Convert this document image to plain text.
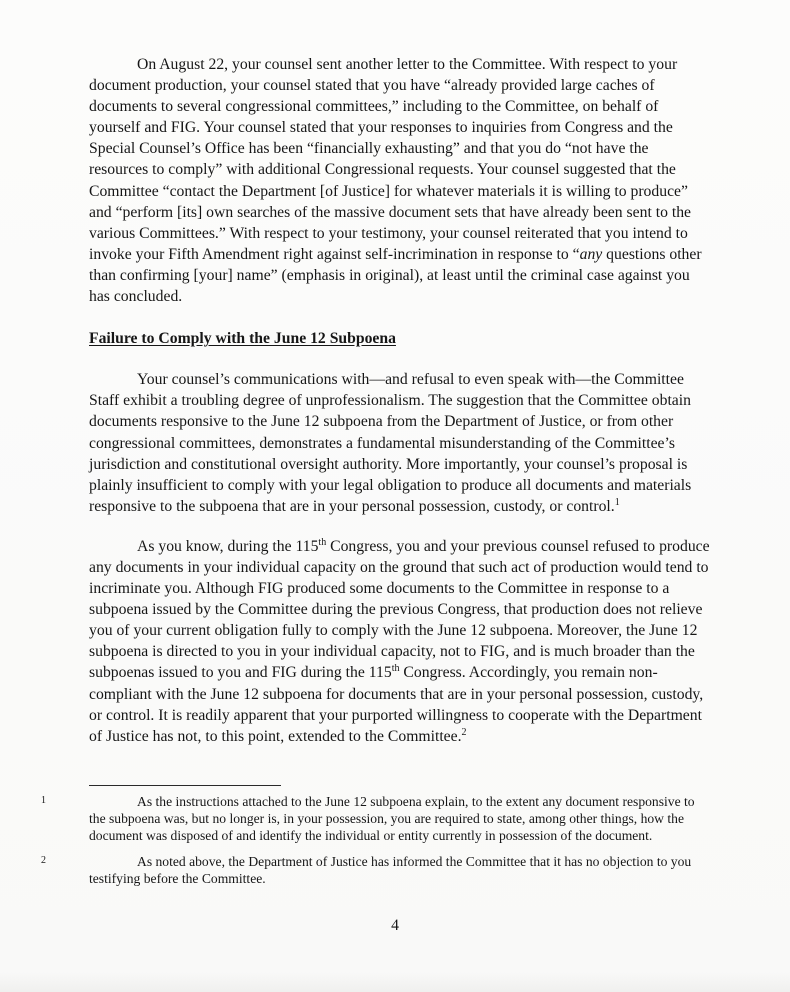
On August 22, your counsel sent another letter to the Committee. With respect to your document production, your counsel stated that you have “already provided large caches of documents to several congressional committees,” including to the Committee, on behalf of yourself and FIG. Your counsel stated that your responses to inquiries from Congress and the Special Counsel’s Office has been “financially exhausting” and that you do “not have the resources to comply” with additional Congressional requests. Your counsel suggested that the Committee “contact the Department [of Justice] for whatever materials it is willing to produce” and “perform [its] own searches of the massive document sets that have already been sent to the various Committees.” With respect to your testimony, your counsel reiterated that you intend to invoke your Fifth Amendment right against self-incrimination in response to “any questions other than confirming [your] name” (emphasis in original), at least until the criminal case against you has concluded.

Failure to Comply with the June 12 Subpoena

Your counsel’s communications with—and refusal to even speak with—the Committee Staff exhibit a troubling degree of unprofessionalism. The suggestion that the Committee obtain documents responsive to the June 12 subpoena from the Department of Justice, or from other congressional committees, demonstrates a fundamental misunderstanding of the Committee’s jurisdiction and constitutional oversight authority. More importantly, your counsel’s proposal is plainly insufficient to comply with your legal obligation to produce all documents and materials responsive to the subpoena that are in your personal possession, custody, or control.$^1$

As you know, during the 115th Congress, you and your previous counsel refused to produce any documents in your individual capacity on the ground that such act of production would tend to incriminate you. Although FIG produced some documents to the Committee in response to a subpoena issued by the Committee during the previous Congress, that production does not relieve you of your current obligation fully to comply with the June 12 subpoena. Moreover, the June 12 subpoena is directed to you in your individual capacity, not to FIG, and is much broader than the subpoenas issued to you and FIG during the 115th Congress. Accordingly, you remain non-compliant with the June 12 subpoena for documents that are in your personal possession, custody, or control. It is readily apparent that your purported willingness to cooperate with the Department of Justice has not, to this point, extended to the Committee.$^2$

1	As the instructions attached to the June 12 subpoena explain, to the extent any document responsive to the subpoena was, but no longer is, in your possession, you are required to state, among other things, how the document was disposed of and identify the individual or entity currently in possession of the document.

2	As noted above, the Department of Justice has informed the Committee that it has no objection to you testifying before the Committee.

4
